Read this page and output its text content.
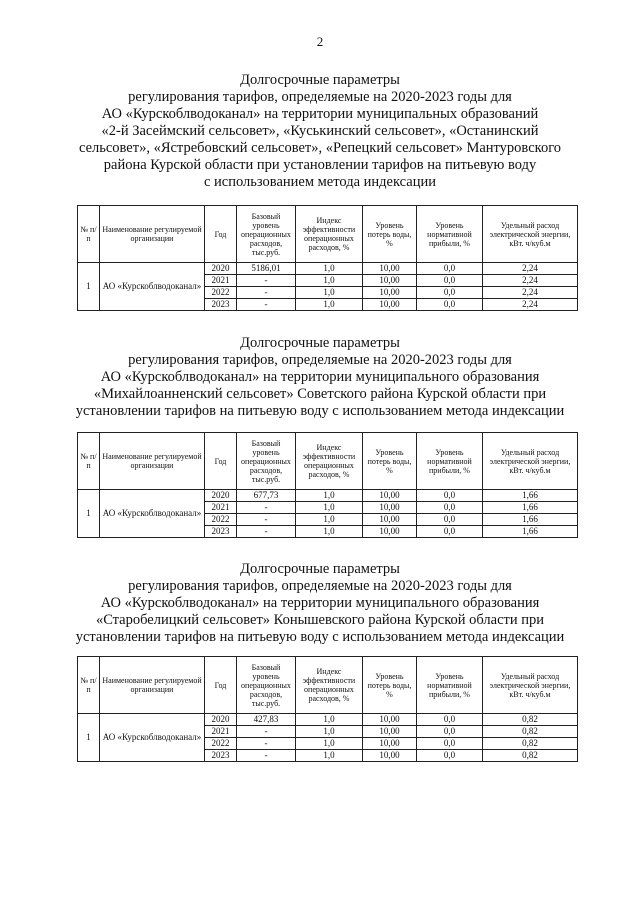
2
Долгосрочные параметры
регулирования тарифов, определяемые на 2020-2023 годы для
АО «Курскоблводоканал» на территории муниципальных образований
«2-й Засеймский сельсовет», «Куськинский сельсовет», «Останинский
сельсовет», «Ястребовский сельсовет», «Репецкий сельсовет» Мантуровского
района Курской области при установлении тарифов на питьевую воду
с использованием метода индексации
№ п/п	Наименование регулируемой организации	Год	Базовый уровень операционных расходов, тыс.руб.	Индекс эффективности операционных расходов, %	Уровень потерь воды, %	Уровень нормативной прибыли, %	Удельный расход электрической энергии, кВт. ч/куб.м
1	АО «Курскоблводоканал»	2020	5186,01	1,0	10,00	0,0	2,24
		2021	-	1,0	10,00	0,0	2,24
		2022	-	1,0	10,00	0,0	2,24
		2023	-	1,0	10,00	0,0	2,24
Долгосрочные параметры
регулирования тарифов, определяемые на 2020-2023 годы для
АО «Курскоблводоканал» на территории муниципального образования
«Михайлоанненский сельсовет» Советского района Курской области при
установлении тарифов на питьевую воду с использованием метода индексации
№ п/п	Наименование регулируемой организации	Год	Базовый уровень операционных расходов, тыс.руб.	Индекс эффективности операционных расходов, %	Уровень потерь воды, %	Уровень нормативной прибыли, %	Удельный расход электрической энергии, кВт. ч/куб.м
1	АО «Курскоблводоканал»	2020	677,73	1,0	10,00	0,0	1,66
		2021	-	1,0	10,00	0,0	1,66
		2022	-	1,0	10,00	0,0	1,66
		2023	-	1,0	10,00	0,0	1,66
Долгосрочные параметры
регулирования тарифов, определяемые на 2020-2023 годы для
АО «Курскоблводоканал» на территории муниципального образования
«Старобелицкий сельсовет» Конышевского района Курской области при
установлении тарифов на питьевую воду с использованием метода индексации
№ п/п	Наименование регулируемой организации	Год	Базовый уровень операционных расходов, тыс.руб.	Индекс эффективности операционных расходов, %	Уровень потерь воды, %	Уровень нормативной прибыли, %	Удельный расход электрической энергии, кВт. ч/куб.м
1	АО «Курскоблводоканал»	2020	427,83	1,0	10,00	0,0	0,82
		2021	-	1,0	10,00	0,0	0,82
		2022	-	1,0	10,00	0,0	0,82
		2023	-	1,0	10,00	0,0	0,82
